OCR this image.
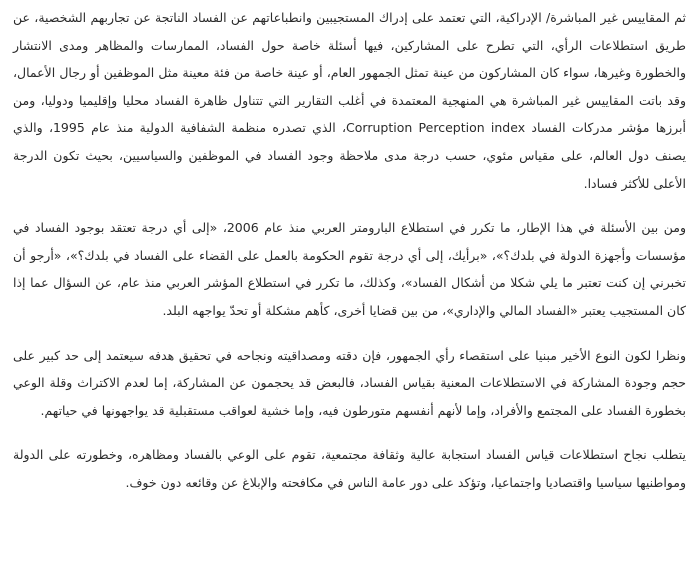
ثم المقاييس غير المباشرة/ الإدراكية، التي تعتمد على إدراك المستجيبين وانطباعاتهم عن الفساد الناتجة عن تجاربهم الشخصية، عن طريق استطلاعات الرأي، التي تطرح على المشاركين، فيها أسئلة خاصة حول الفساد، الممارسات والمظاهر ومدى الانتشار والخطورة وغيرها، سواء كان المشاركون من عينة تمثل الجمهور العام، أو عينة خاصة من فئة معينة مثل الموظفين أو رجال الأعمال، وقد باتت المقاييس غير المباشرة هي المنهجية المعتمدة في أغلب التقارير التي تتناول ظاهرة الفساد محليا وإقليميا ودوليا، ومن أبرزها مؤشر مدركات الفساد Corruption Perception index، الذي تصدره منظمة الشفافية الدولية منذ عام 1995، والذي يصنف دول العالم، على مقياس مئوي، حسب درجة مدى ملاحظة وجود الفساد في الموظفين والسياسيين، بحيث تكون الدرجة الأعلى للأكثر فسادا.

ومن بين الأسئلة في هذا الإطار، ما تكرر في استطلاع البارومتر العربي منذ عام 2006، «إلى أي درجة تعتقد بوجود الفساد في مؤسسات وأجهزة الدولة في بلدك؟»، «برأيك، إلى أي درجة تقوم الحكومة بالعمل على القضاء على الفساد في بلدك؟»، «أرجو أن تخبرني إن كنت تعتبر ما يلي شكلا من أشكال الفساد»، وكذلك، ما تكرر في استطلاع المؤشر العربي منذ عام، عن السؤال عما إذا كان المستجيب يعتبر «الفساد المالي والإداري»، من بين قضايا أخرى، كأهم مشكلة أو تحدّ يواجهه البلد.

ونظرا لكون النوع الأخير مبنيا على استقصاء رأي الجمهور، فإن دقته ومصداقيته ونجاحه في تحقيق هدفه سيعتمد إلى حد كبير على حجم وجودة المشاركة في الاستطلاعات المعنية بقياس الفساد، فالبعض قد يحجمون عن المشاركة، إما لعدم الاكتراث وقلة الوعي بخطورة الفساد على المجتمع والأفراد، وإما لأنهم أنفسهم متورطون فيه، وإما خشية لعواقب مستقبلية قد يواجهونها في حياتهم.

يتطلب نجاح استطلاعات قياس الفساد استجابة عالية وثقافة مجتمعية، تقوم على الوعي بالفساد ومظاهره، وخطورته على الدولة ومواطنيها سياسيا واقتصاديا واجتماعيا، وتؤكد على دور عامة الناس في مكافحته والإبلاغ عن وقائعه دون خوف.
